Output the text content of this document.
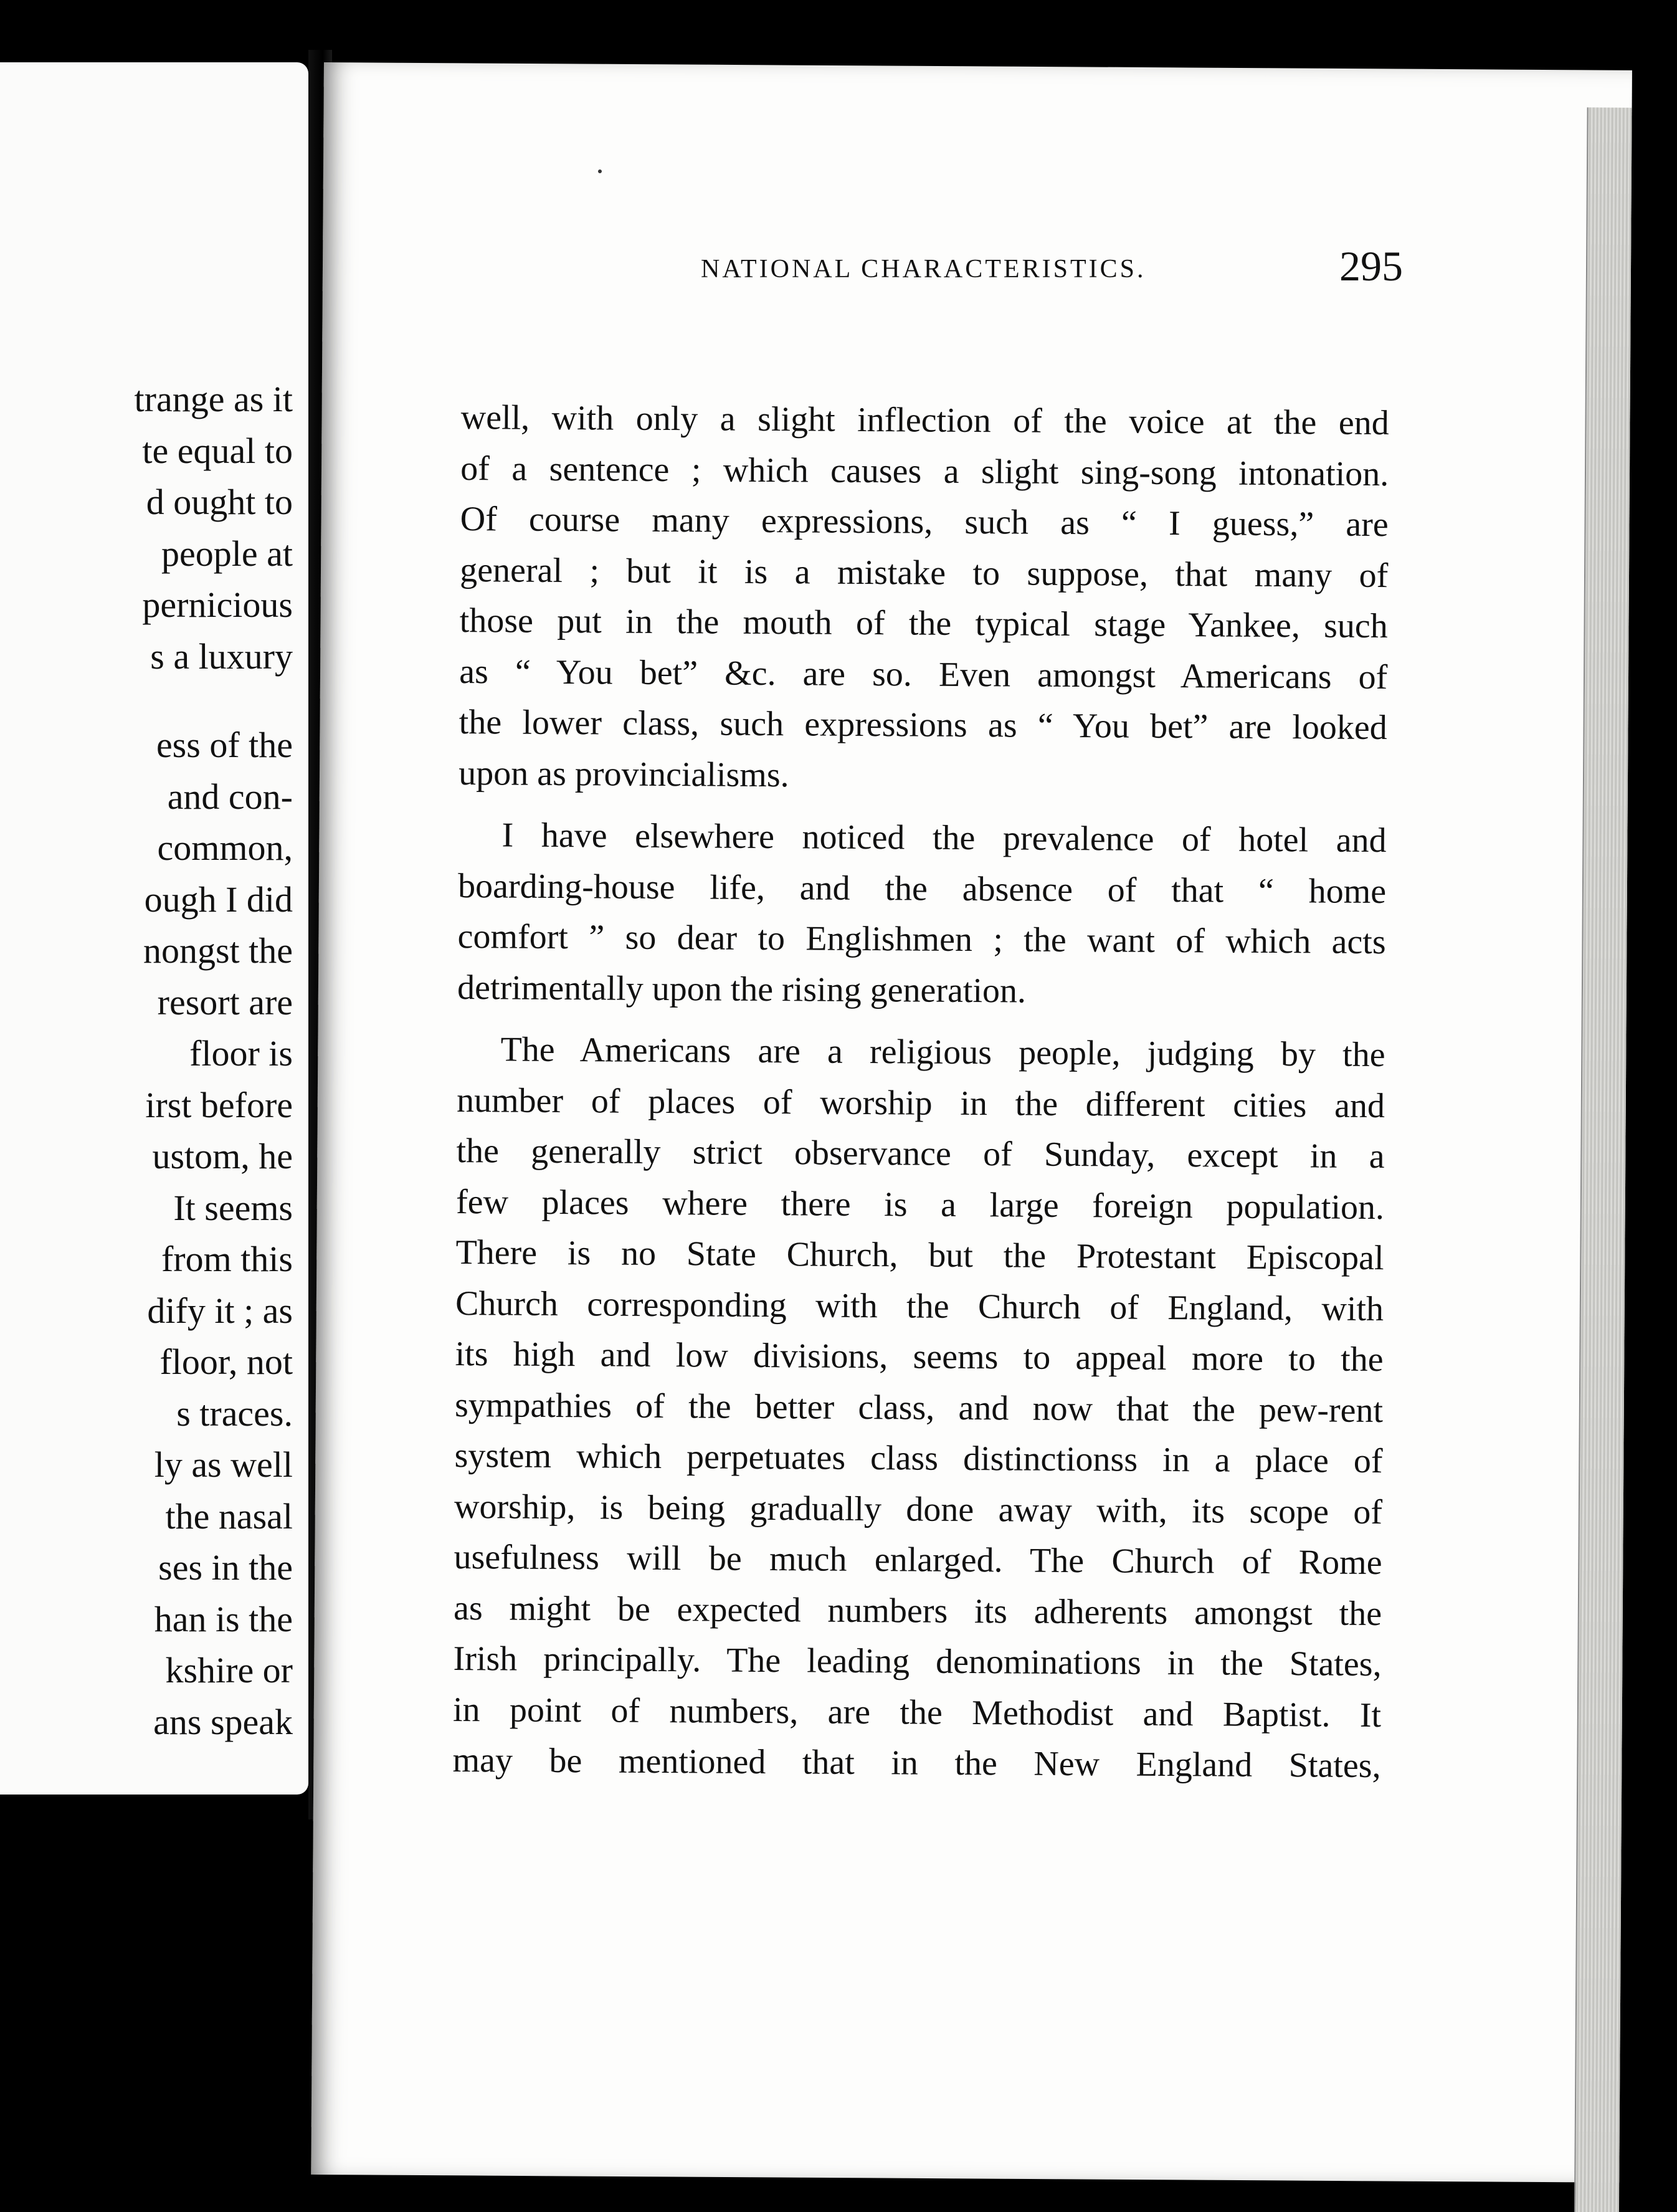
trange as it
te equal to
d ought to
people at
pernicious
s a luxury
ess of the
and con-
common,
ough I did
nongst the
resort are
floor is
irst before
ustom, he
It seems
from this
dify it ; as
floor, not
s traces.
ly as well
the nasal
ses in the
han is the
kshire or
ans speak
NATIONAL CHARACTERISTICS.	295
well, with only a slight inflection of the voice at the end
of a sentence ; which causes a slight sing-song intonation.
Of course many expressions, such as “ I guess,” are
general ; but it is a mistake to suppose, that many of
those put in the mouth of the typical stage Yankee, such
as “ You bet” &c. are so. Even amongst Americans of
the lower class, such expressions as “ You bet” are looked
upon as provincialisms.
I have elsewhere noticed the prevalence of hotel and
boarding-house life, and the absence of that “ home
comfort ” so dear to Englishmen ; the want of which acts
detrimentally upon the rising generation.
The Americans are a religious people, judging by the
number of places of worship in the different cities and
the generally strict observance of Sunday, except in a
few places where there is a large foreign population.
There is no State Church, but the Protestant Episcopal
Church corresponding with the Church of England, with
its high and low divisions, seems to appeal more to the
sympathies of the better class, and now that the pew-rent
system which perpetuates class distinctionss in a place of
worship, is being gradually done away with, its scope of
usefulness will be much enlarged. The Church of Rome
as might be expected numbers its adherents amongst the
Irish principally. The leading denominations in the States,
in point of numbers, are the Methodist and Baptist. It
may be mentioned that in the New England States,
